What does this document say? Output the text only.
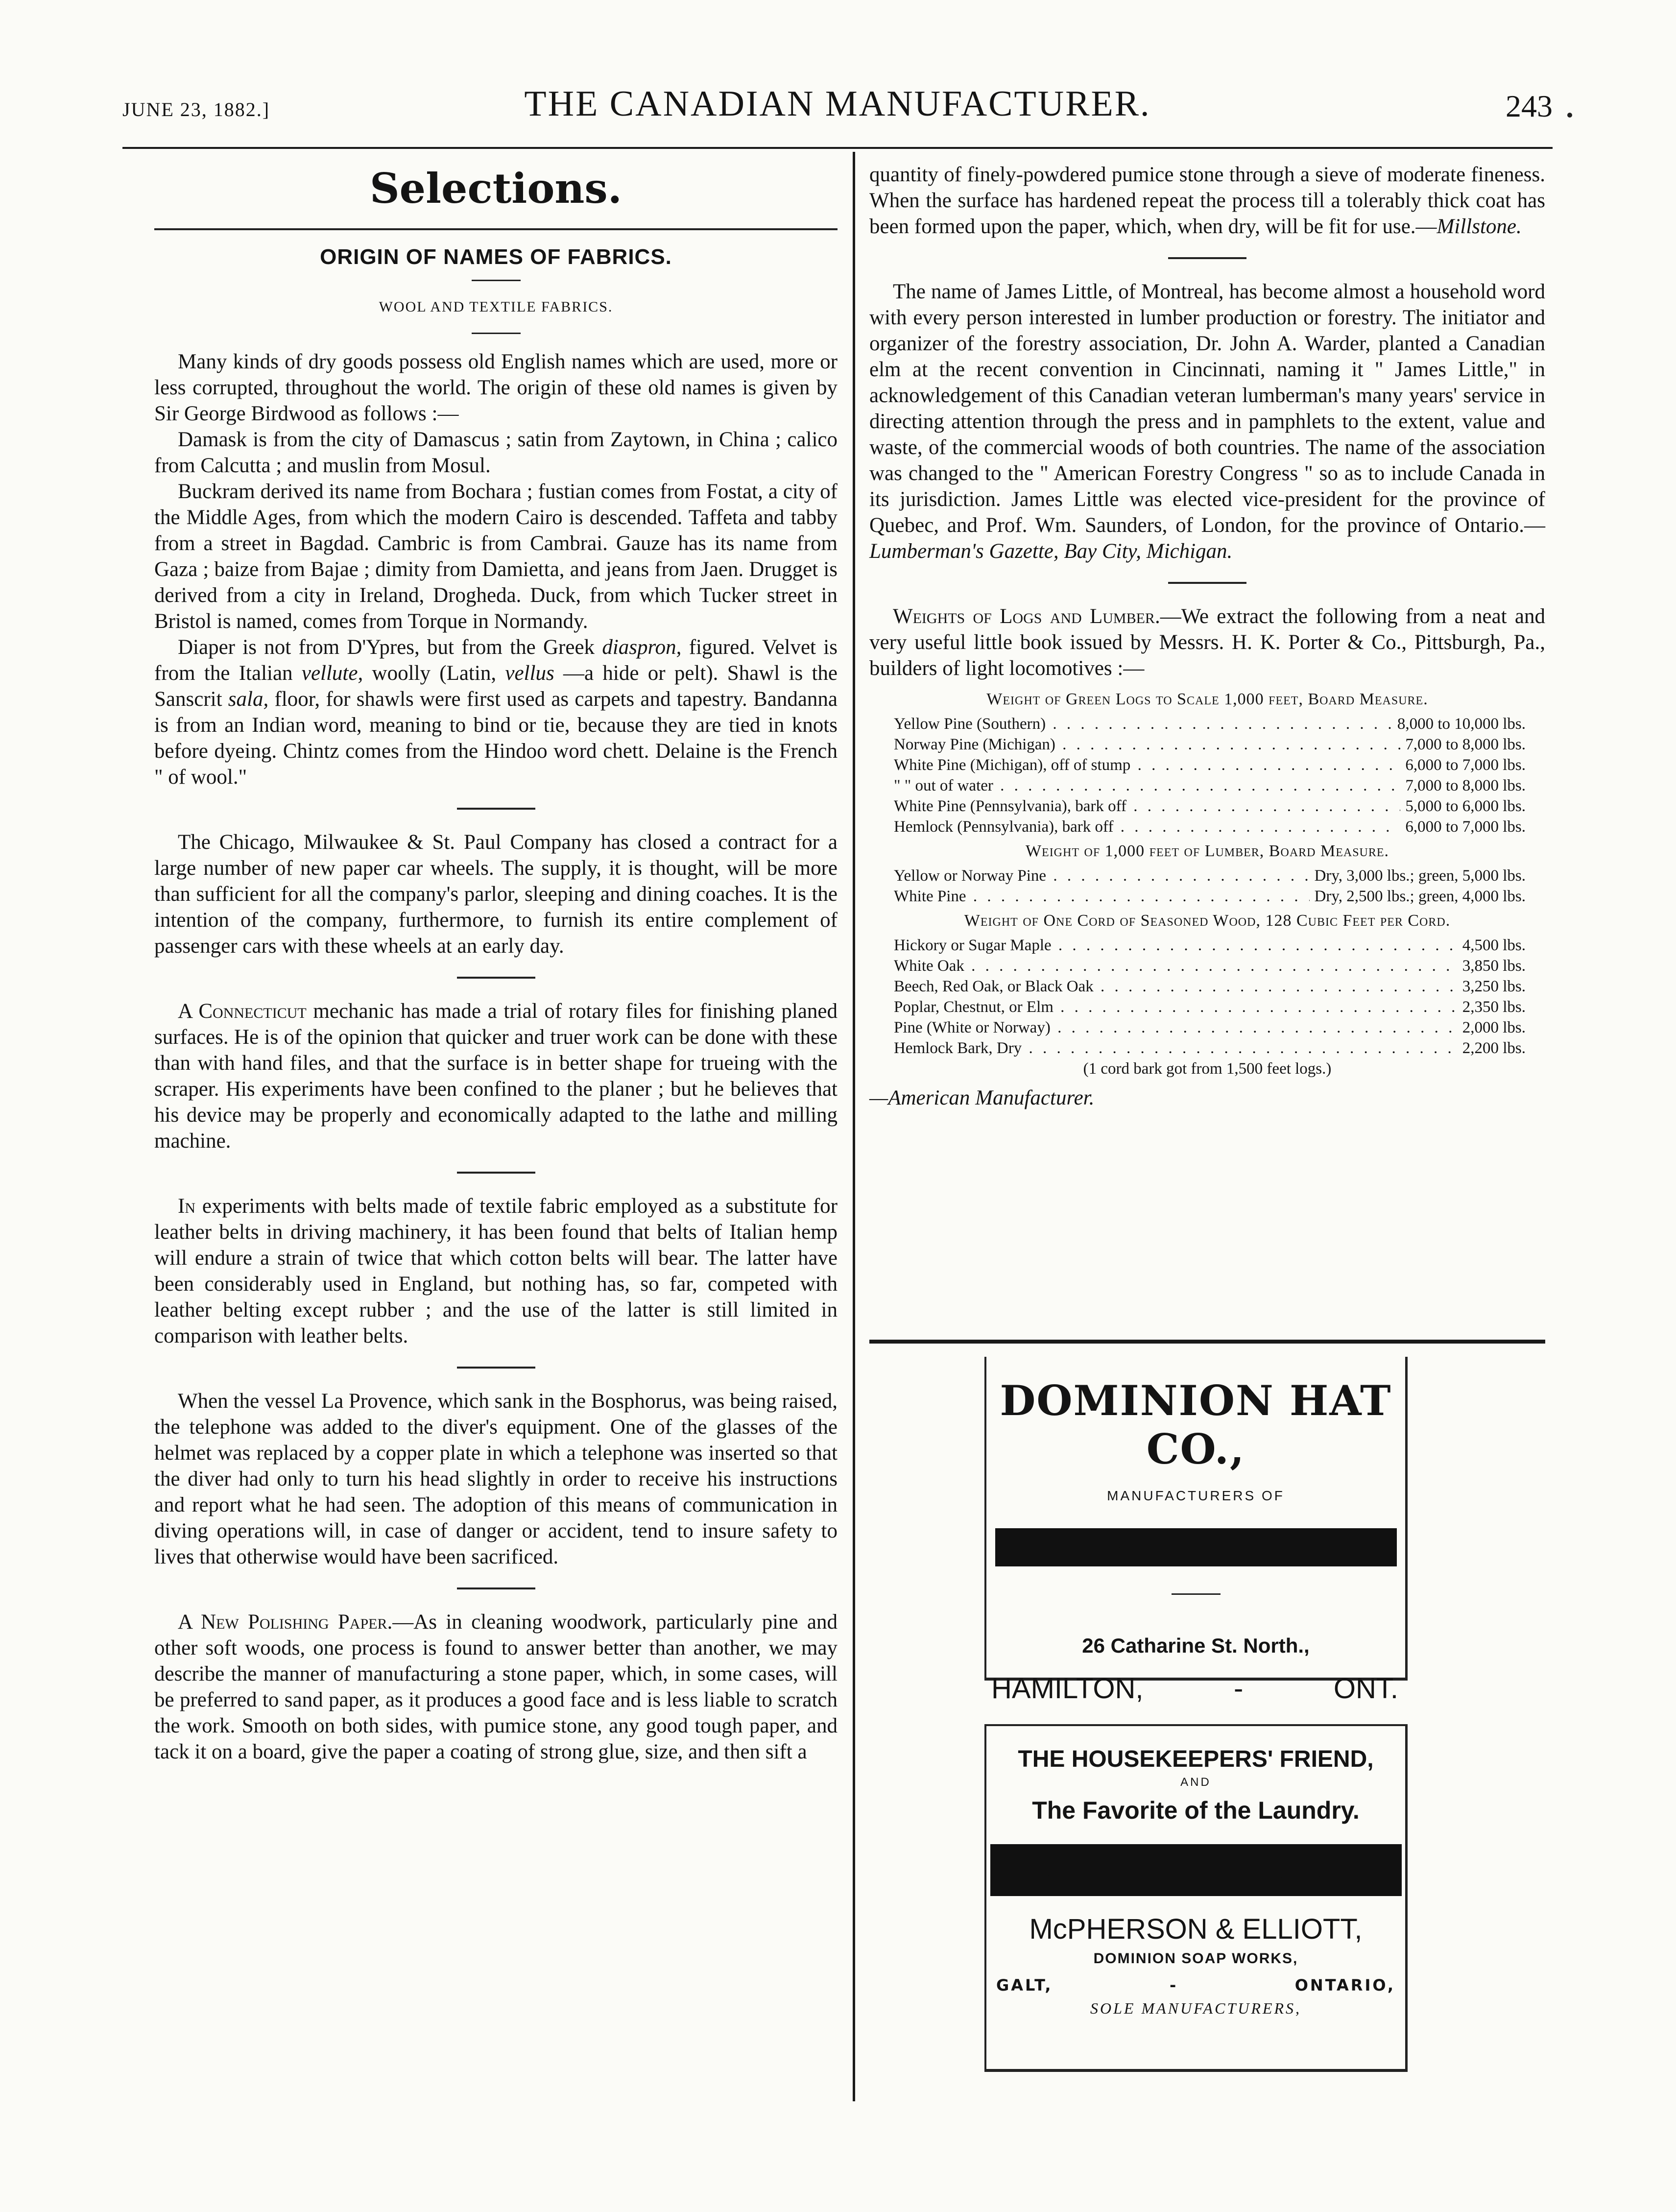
JUNE 23, 1882.]	THE CANADIAN MANUFACTURER.	243
Selections.
ORIGIN OF NAMES OF FABRICS.
WOOL AND TEXTILE FABRICS.

Many kinds of dry goods possess old English names which are used, more or less corrupted, throughout the world. The origin of these old names is given by Sir George Birdwood as follows :—

Damask is from the city of Damascus ; satin from Zaytown, in China ; calico from Calcutta ; and muslin from Mosul.

Buckram derived its name from Bochara ; fustian comes from Fostat, a city of the Middle Ages, from which the modern Cairo is descended. Taffeta and tabby from a street in Bagdad. Cambric is from Cambrai. Gauze has its name from Gaza ; baize from Bajae ; dimity from Damietta, and jeans from Jaen. Drugget is derived from a city in Ireland, Drogheda. Duck, from which Tucker street in Bristol is named, comes from Torque in Normandy.

Diaper is not from D'Ypres, but from the Greek diaspron, figured. Velvet is from the Italian vellute, woolly (Latin, vellus —a hide or pelt). Shawl is the Sanscrit sala, floor, for shawls were first used as carpets and tapestry. Bandanna is from an Indian word, meaning to bind or tie, because they are tied in knots before dyeing. Chintz comes from the Hindoo word chett. Delaine is the French " of wool."

The Chicago, Milwaukee & St. Paul Company has closed a contract for a large number of new paper car wheels. The supply, it is thought, will be more than sufficient for all the company's parlor, sleeping and dining coaches. It is the intention of the company, furthermore, to furnish its entire complement of passenger cars with these wheels at an early day.

A Connecticut mechanic has made a trial of rotary files for finishing planed surfaces. He is of the opinion that quicker and truer work can be done with these than with hand files, and that the surface is in better shape for trueing with the scraper. His experiments have been confined to the planer ; but he believes that his device may be properly and economically adapted to the lathe and milling machine.

In experiments with belts made of textile fabric employed as a substitute for leather belts in driving machinery, it has been found that belts of Italian hemp will endure a strain of twice that which cotton belts will bear. The latter have been considerably used in England, but nothing has, so far, competed with leather belting except rubber ; and the use of the latter is still limited in comparison with leather belts.

When the vessel La Provence, which sank in the Bosphorus, was being raised, the telephone was added to the diver's equipment. One of the glasses of the helmet was replaced by a copper plate in which a telephone was inserted so that the diver had only to turn his head slightly in order to receive his instructions and report what he had seen. The adoption of this means of communication in diving operations will, in case of danger or accident, tend to insure safety to lives that otherwise would have been sacrificed.

A New Polishing Paper.—As in cleaning woodwork, particularly pine and other soft woods, one process is found to answer better than another, we may describe the manner of manufacturing a stone paper, which, in some cases, will be preferred to sand paper, as it produces a good face and is less liable to scratch the work. Smooth on both sides, with pumice stone, any good tough paper, and tack it on a board, give the paper a coating of strong glue, size, and then sift a

quantity of finely-powdered pumice stone through a sieve of moderate fineness. When the surface has hardened repeat the process till a tolerably thick coat has been formed upon the paper, which, when dry, will be fit for use.—Millstone.

The name of James Little, of Montreal, has become almost a household word with every person interested in lumber production or forestry. The initiator and organizer of the forestry association, Dr. John A. Warder, planted a Canadian elm at the recent convention in Cincinnati, naming it " James Little," in acknowledgement of this Canadian veteran lumberman's many years' service in directing attention through the press and in pamphlets to the extent, value and waste, of the commercial woods of both countries. The name of the association was changed to the " American Forestry Congress " so as to include Canada in its jurisdiction. James Little was elected vice-president for the province of Quebec, and Prof. Wm. Saunders, of London, for the province of Ontario.— Lumberman's Gazette, Bay City, Michigan.

Weights of Logs and Lumber.—We extract the following from a neat and very useful little book issued by Messrs. H. K. Porter & Co., Pittsburgh, Pa., builders of light locomotives :—

Weight of Green Logs to Scale 1,000 feet, Board Measure.
Yellow Pine (Southern) . . .	8,000 to 10,000 lbs.
Norway Pine (Michigan) . . .	7,000 to 8,000 lbs.
White Pine (Michigan), off of stump . . .	6,000 to 7,000 lbs.
" " out of water . . .	7,000 to 8,000 lbs.
White Pine (Pennsylvania), bark off . . .	5,000 to 6,000 lbs.
Hemlock (Pennsylvania), bark off . . .	6,000 to 7,000 lbs.
Weight of 1,000 feet of Lumber, Board Measure.
Yellow or Norway Pine . . .	Dry, 3,000 lbs.; green, 5,000 lbs.
White Pine . . .	Dry, 2,500 lbs.; green, 4,000 lbs.
Weight of One Cord of Seasoned Wood, 128 Cubic Feet per Cord.
Hickory or Sugar Maple . . .	4,500 lbs.
White Oak . . .	3,850 lbs.
Beech, Red Oak, or Black Oak . . .	3,250 lbs.
Poplar, Chestnut, or Elm . . .	2,350 lbs.
Pine (White or Norway) . . .	2,000 lbs.
Hemlock Bark, Dry . . .	2,200 lbs.
(1 cord bark got from 1,500 feet logs.)

—American Manufacturer.

DOMINION HAT CO.,
MANUFACTURERS OF
FUR FELT HATS.
26 Catharine St. North.,
HAMILTON,	-	ONT.
THE HOUSEKEEPERS' FRIEND,
AND
The Favorite of the Laundry.
Sultana Soap
McPHERSON & ELLIOTT,
DOMINION SOAP WORKS,
GALT,	-	ONTARIO,
SOLE MANUFACTURERS,
